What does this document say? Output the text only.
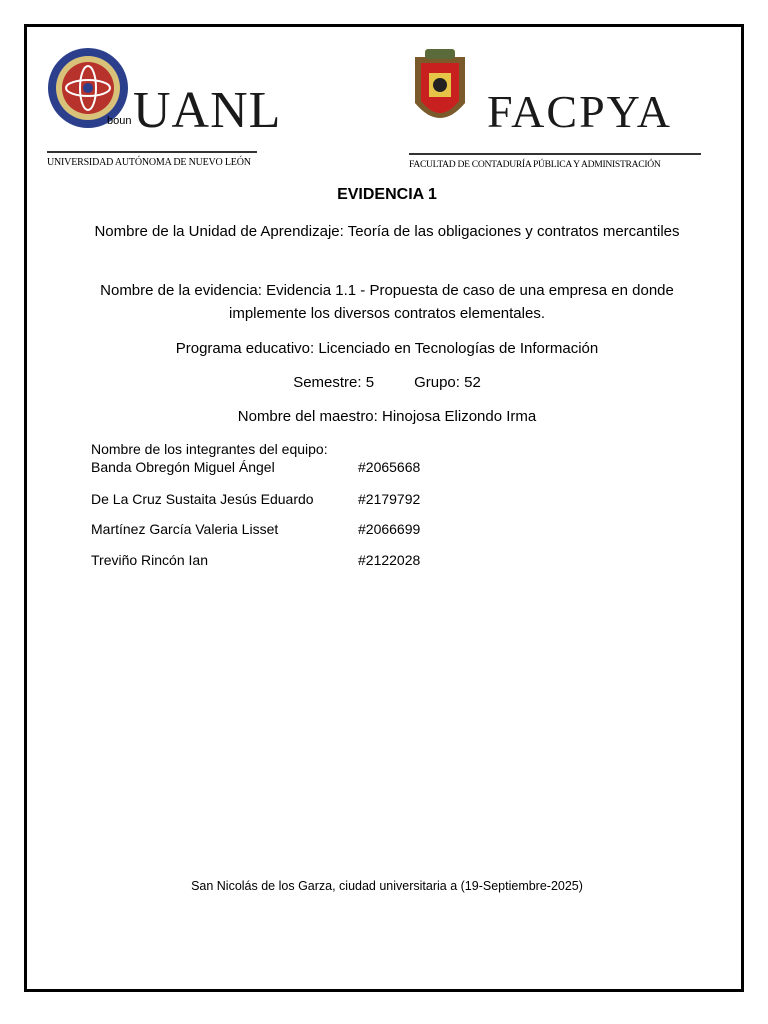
boun UANL
UNIVERSIDAD AUTÓNOMA DE NUEVO LEÓN
FACPYA
FACULTAD DE CONTADURÍA PÚBLICA Y ADMINISTRACIÓN
EVIDENCIA 1
Nombre de la Unidad de Aprendizaje: Teoría de las obligaciones y contratos mercantiles
Nombre de la evidencia: Evidencia 1.1 - Propuesta de caso de una empresa en donde implemente los diversos contratos elementales.
Programa educativo: Licenciado en Tecnologías de Información
Semestre: 5	Grupo: 52
Nombre del maestro: Hinojosa Elizondo Irma
Nombre de los integrantes del equipo:
Banda Obregón Miguel Ángel	#2065668
De La Cruz Sustaita Jesús Eduardo	#2179792
Martínez García Valeria Lisset	#2066699
Treviño Rincón Ian	#2122028
San Nicolás de los Garza, ciudad universitaria a (19-Septiembre-2025)
